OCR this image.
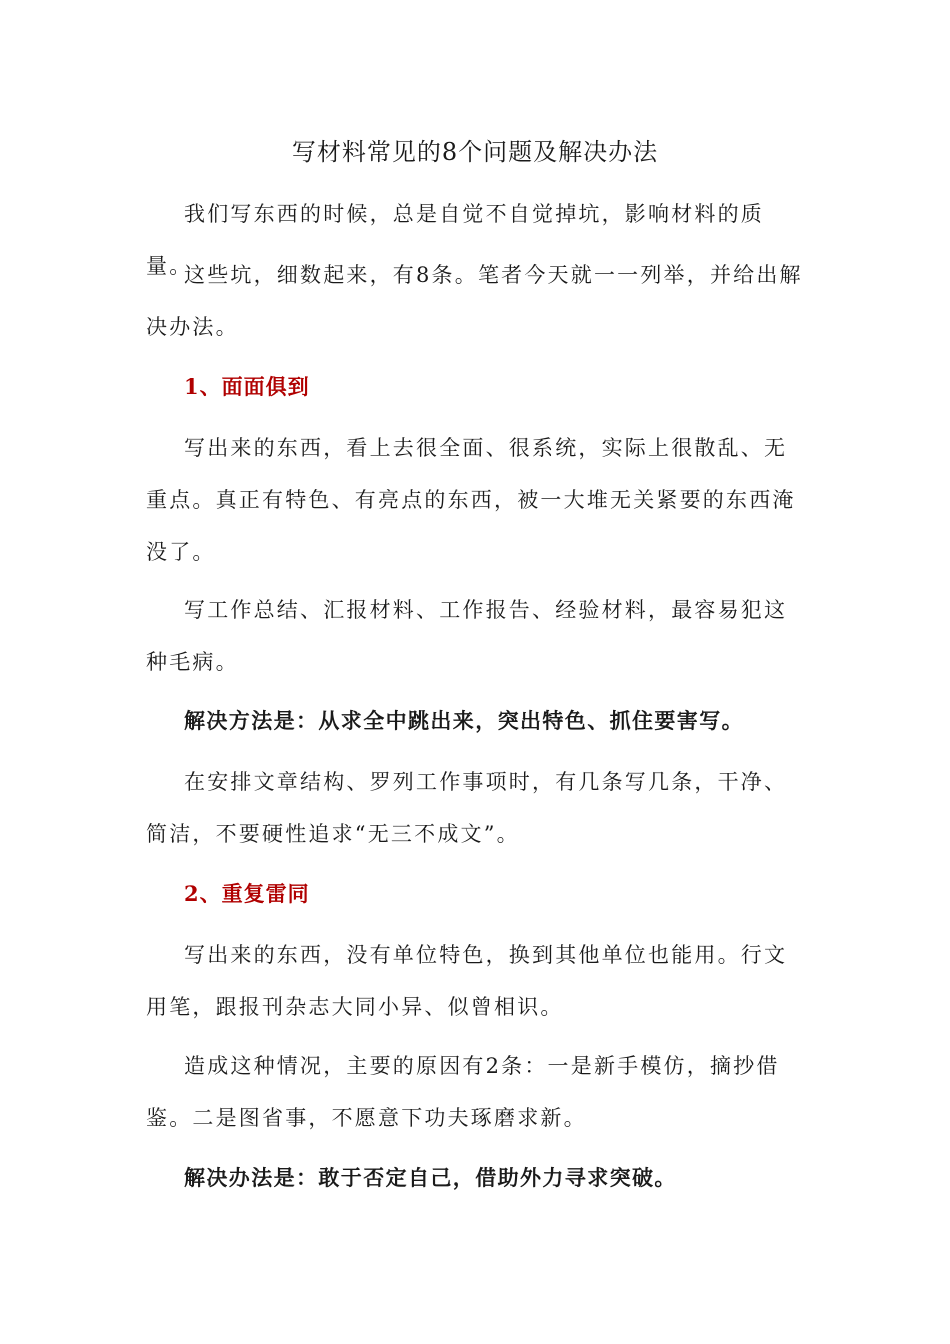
写材料常见的8个问题及解决办法

我们写东西的时候，总是自觉不自觉掉坑，影响材料的质量。

这些坑，细数起来，有8条。笔者今天就一一列举，并给出解决办法。

1、面面俱到

写出来的东西，看上去很全面、很系统，实际上很散乱、无重点。真正有特色、有亮点的东西，被一大堆无关紧要的东西淹没了。

写工作总结、汇报材料、工作报告、经验材料，最容易犯这种毛病。

解决方法是：从求全中跳出来，突出特色、抓住要害写。

在安排文章结构、罗列工作事项时，有几条写几条，干净、简洁，不要硬性追求“无三不成文”。

2、重复雷同

写出来的东西，没有单位特色，换到其他单位也能用。行文用笔，跟报刊杂志大同小异、似曾相识。

造成这种情况，主要的原因有2条：一是新手模仿，摘抄借鉴。二是图省事，不愿意下功夫琢磨求新。

解决办法是：敢于否定自己，借助外力寻求突破。
